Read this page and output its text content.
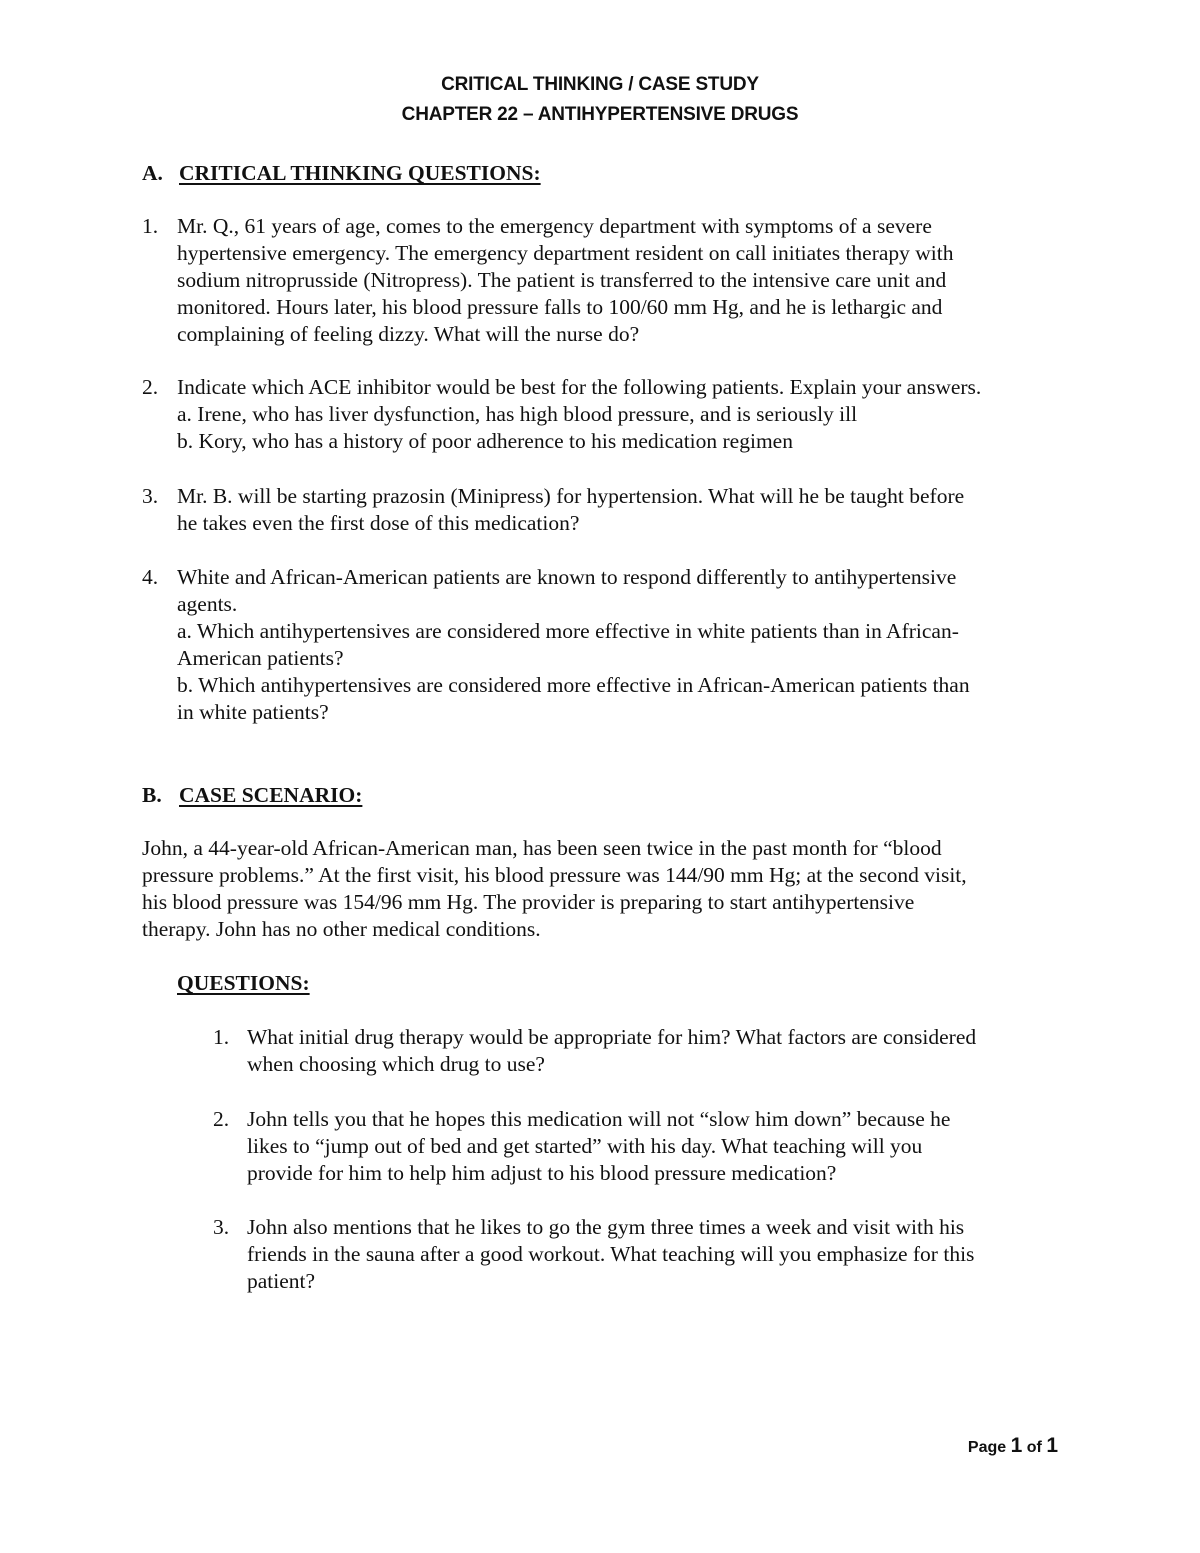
CRITICAL THINKING / CASE STUDY
CHAPTER 22 – ANTIHYPERTENSIVE DRUGS
A. CRITICAL THINKING QUESTIONS:
1. Mr. Q., 61 years of age, comes to the emergency department with symptoms of a severe
hypertensive emergency. The emergency department resident on call initiates therapy with
sodium nitroprusside (Nitropress). The patient is transferred to the intensive care unit and
monitored. Hours later, his blood pressure falls to 100/60 mm Hg, and he is lethargic and
complaining of feeling dizzy. What will the nurse do?
2. Indicate which ACE inhibitor would be best for the following patients. Explain your answers.
a. Irene, who has liver dysfunction, has high blood pressure, and is seriously ill
b. Kory, who has a history of poor adherence to his medication regimen
3. Mr. B. will be starting prazosin (Minipress) for hypertension. What will he be taught before
he takes even the first dose of this medication?
4. White and African-American patients are known to respond differently to antihypertensive
agents.
a. Which antihypertensives are considered more effective in white patients than in African-
American patients?
b. Which antihypertensives are considered more effective in African-American patients than
in white patients?
B. CASE SCENARIO:
John, a 44-year-old African-American man, has been seen twice in the past month for “blood
pressure problems.” At the first visit, his blood pressure was 144/90 mm Hg; at the second visit,
his blood pressure was 154/96 mm Hg. The provider is preparing to start antihypertensive
therapy. John has no other medical conditions.
QUESTIONS:
1. What initial drug therapy would be appropriate for him? What factors are considered
when choosing which drug to use?
2. John tells you that he hopes this medication will not “slow him down” because he
likes to “jump out of bed and get started” with his day. What teaching will you
provide for him to help him adjust to his blood pressure medication?
3. John also mentions that he likes to go the gym three times a week and visit with his
friends in the sauna after a good workout. What teaching will you emphasize for this
patient?
Page 1 of 1
